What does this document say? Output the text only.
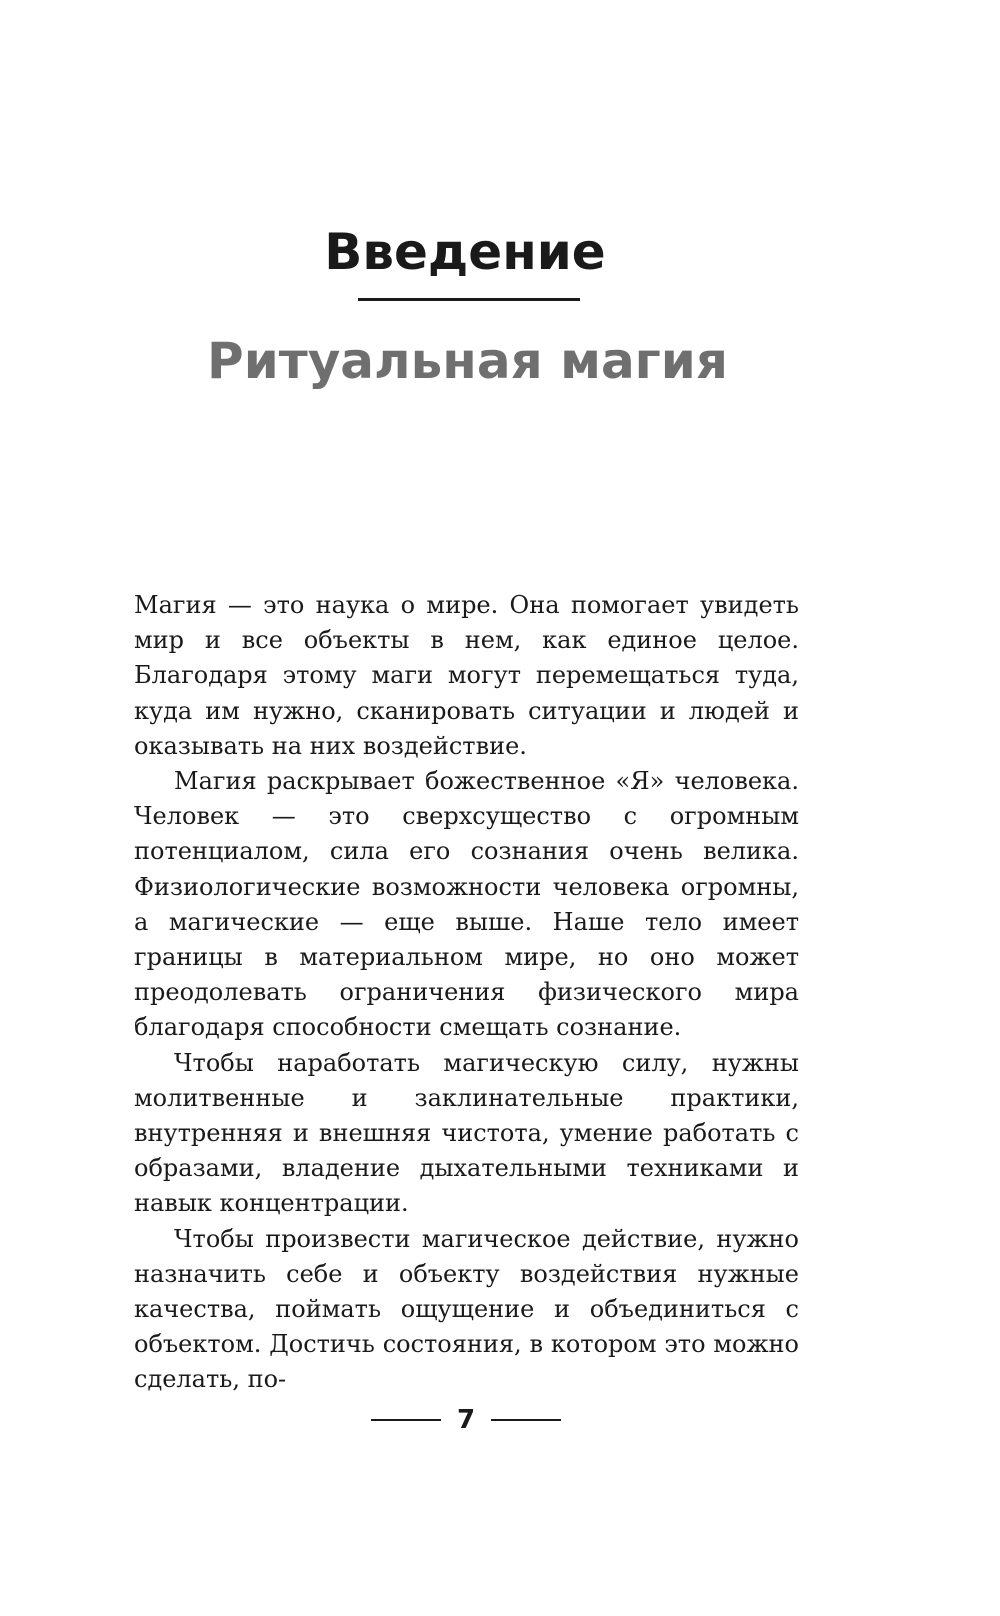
Введение
Ритуальная магия

Магия — это наука о мире. Она помогает увидеть мир и все объекты в нем, как единое целое. Благодаря этому маги могут перемещаться туда, куда им нужно, сканировать ситуации и людей и оказывать на них воздействие.

Магия раскрывает божественное «Я» человека. Человек — это сверхсущество с огромным потенциалом, сила его сознания очень велика. Физиологические возможности человека огромны, а магические — еще выше. Наше тело имеет границы в материальном мире, но оно может преодолевать ограничения физического мира благодаря способности смещать сознание.

Чтобы наработать магическую силу, нужны молитвенные и заклинательные практики, внутренняя и внешняя чистота, умение работать с образами, владение дыхательными техниками и навык концентрации.

Чтобы произвести магическое действие, нужно назначить себе и объекту воздействия нужные качества, поймать ощущение и объединиться с объектом. Достичь состояния, в котором это можно сделать, по-

7
